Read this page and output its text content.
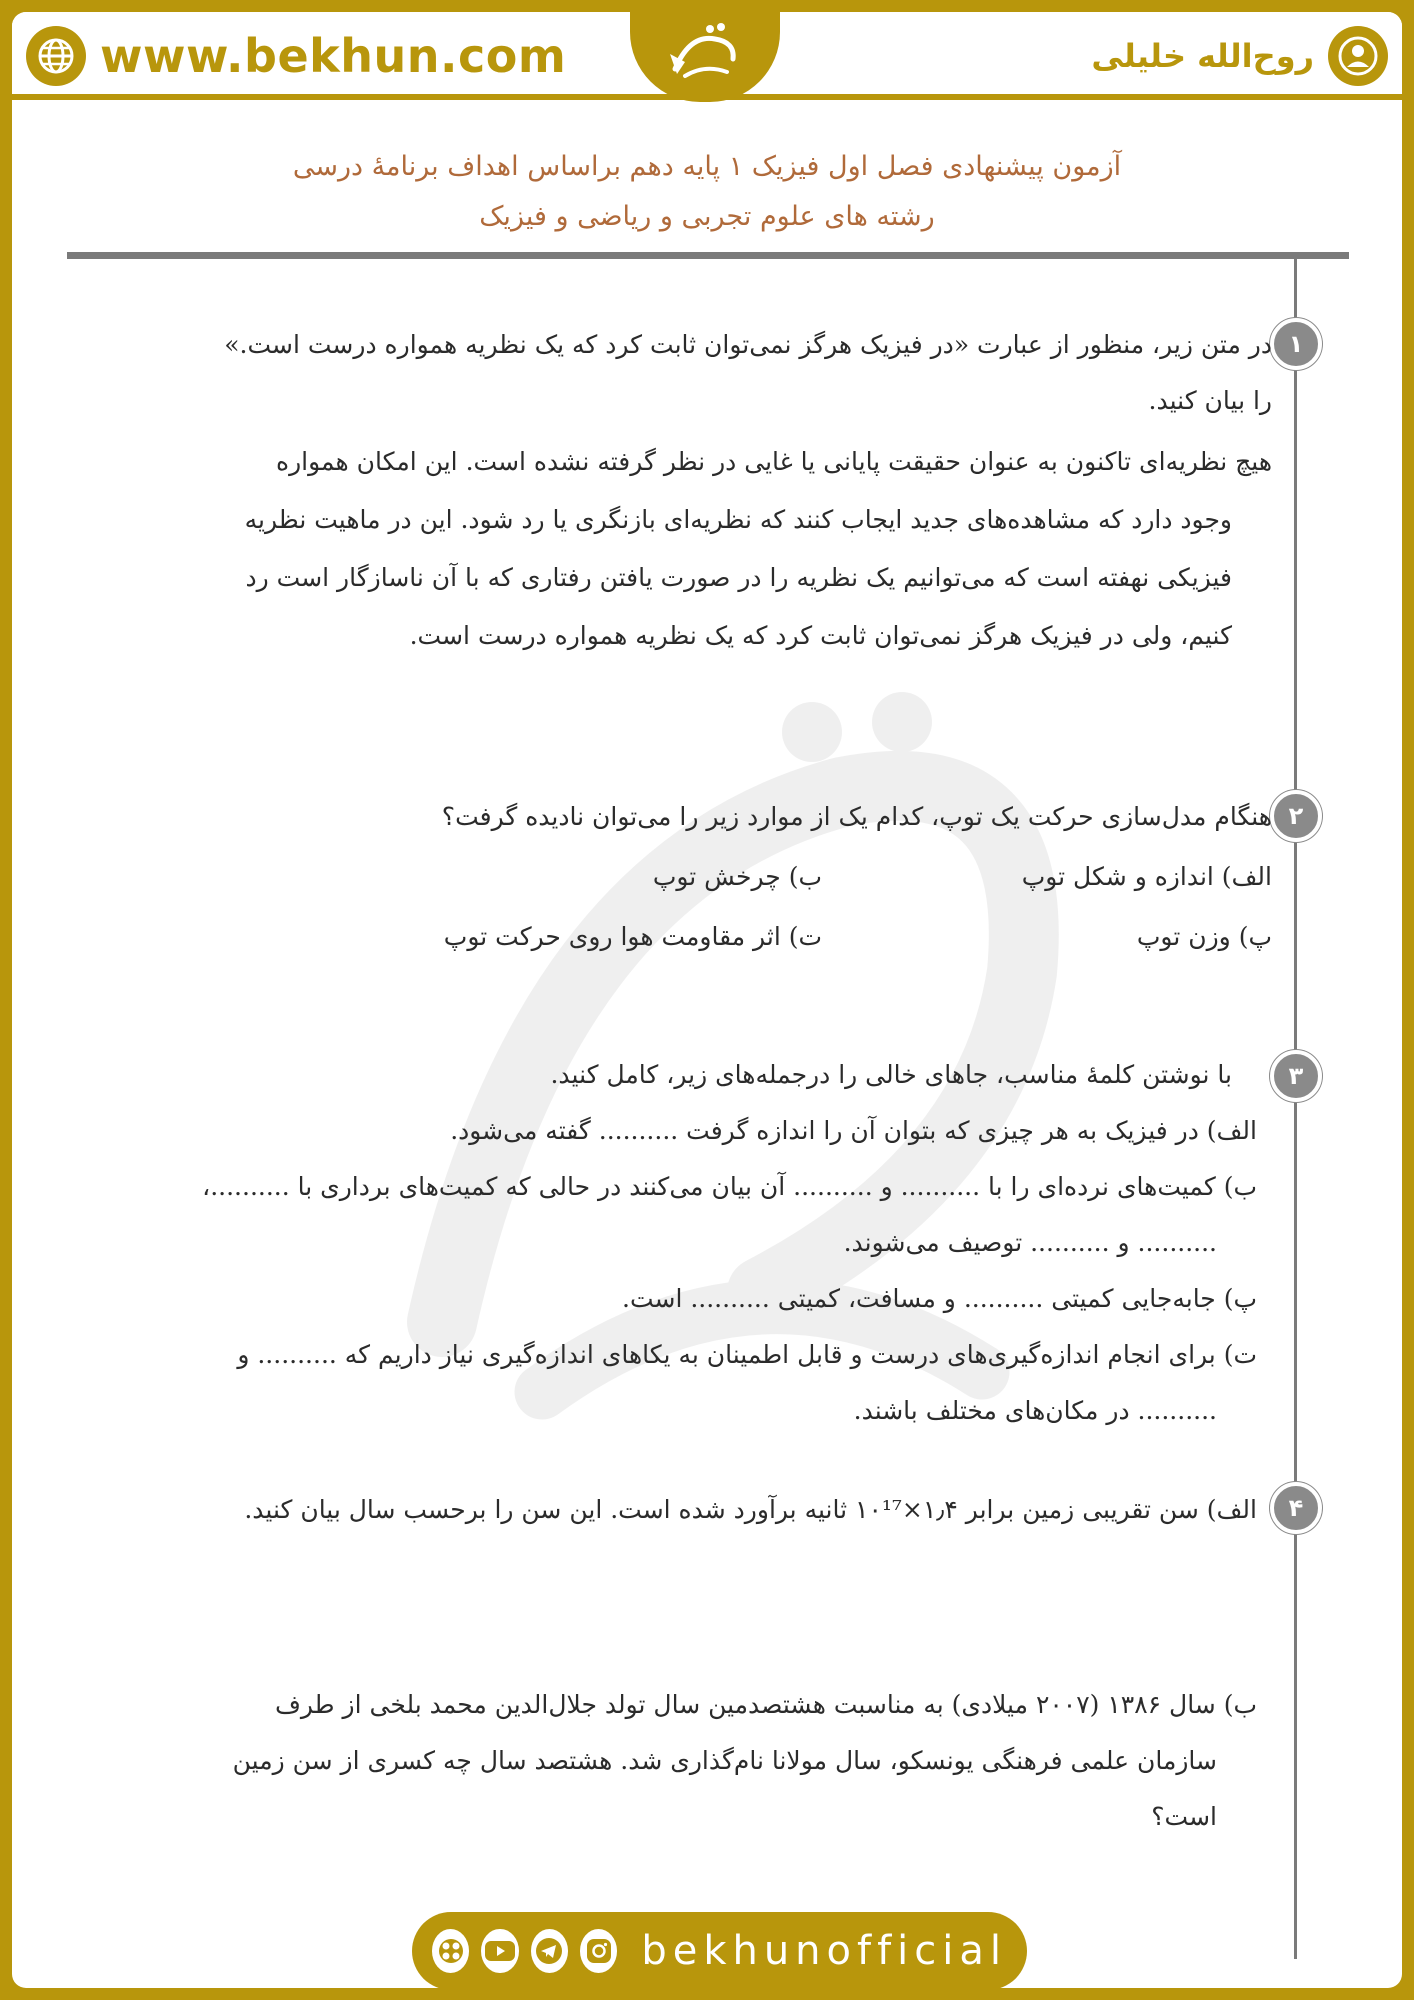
www.bekhun.com	روح‌الله خلیلی
آزمون پیشنهادی فصل اول فیزیک ۱ پایه دهم براساس اهداف برنامهٔ درسی
رشته های علوم تجربی و ریاضی و فیزیک
۱

در متن زیر، منظور از عبارت «در فیزیک هرگز نمی‌توان ثابت کرد که یک نظریه همواره درست است.»

را بیان کنید.

هیچ نظریه‌ای تاکنون به عنوان حقیقت پایانی یا غایی در نظر گرفته نشده است. این امکان همواره
وجود دارد که مشاهده‌های جدید ایجاب کنند که نظریه‌ای بازنگری یا رد شود. این در ماهیت نظریه
فیزیکی نهفته است که می‌توانیم یک نظریه را در صورت یافتن رفتاری که با آن ناسازگار است رد
کنیم، ولی در فیزیک هرگز نمی‌توان ثابت کرد که یک نظریه همواره درست است.
۲

هنگام مدل‌سازی حرکت یک توپ، کدام یک از موارد زیر را می‌توان نادیده گرفت؟

الف) اندازه و شکل توپ
ب) چرخش توپ
پ) وزن توپ
ت) اثر مقاومت هوا روی حرکت توپ
۳

با نوشتن کلمهٔ مناسب، جاهای خالی را درجمله‌های زیر، کامل کنید.

الف) در فیزیک به هر چیزی که بتوان آن را اندازه گرفت .......... گفته می‌شود.

ب) کمیت‌های نرده‌ای را با .......... و .......... آن بیان می‌کنند در حالی که کمیت‌های برداری با ..........،

.......... و .......... توصیف می‌شوند.

پ) جابه‌جایی کمیتی .......... و مسافت، کمیتی .......... است.

ت) برای انجام اندازه‌گیری‌های درست و قابل اطمینان به یکاهای اندازه‌گیری نیاز داریم که .......... و

.......... در مکان‌های مختلف باشند.

۴

الف) سن تقریبی زمین برابر ۱٫۴×۱۰¹⁷ ثانیه برآورد شده است. این سن را برحسب سال بیان کنید.

ب) سال ۱۳۸۶ (۲۰۰۷ میلادی) به مناسبت هشتصدمین سال تولد جلال‌الدین محمد بلخی از طرف

سازمان علمی فرهنگی یونسکو، سال مولانا نام‌گذاری شد. هشتصد سال چه کسری از سن زمین

است؟

bekhunofficial
